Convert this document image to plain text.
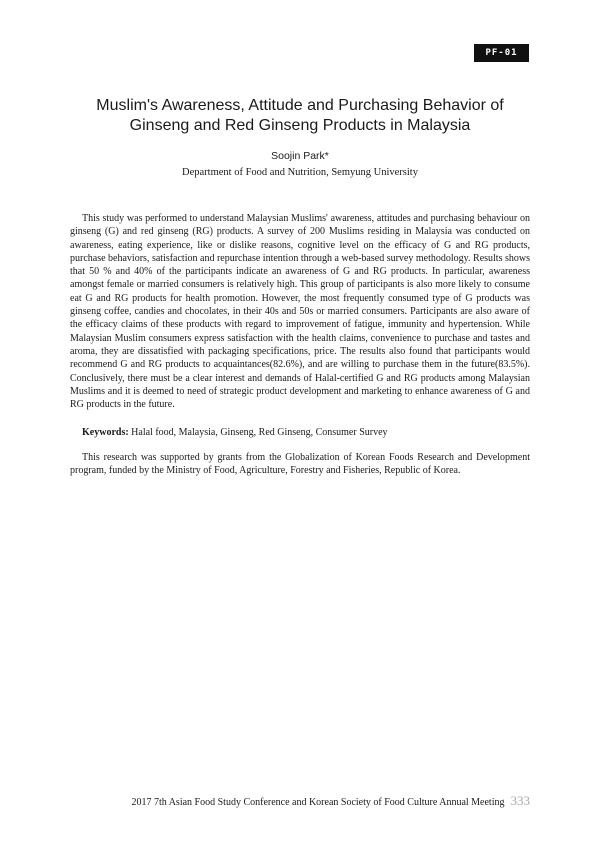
PF-01
Muslim's Awareness, Attitude and Purchasing Behavior of
Ginseng and Red Ginseng Products in Malaysia
Soojin Park*
Department of Food and Nutrition, Semyung University

This study was performed to understand Malaysian Muslims' awareness, attitudes and purchasing behaviour on ginseng (G) and red ginseng (RG) products. A survey of 200 Muslims residing in Malaysia was conducted on awareness, eating experience, like or dislike reasons, cognitive level on the efficacy of G and RG products, purchase behaviors, satisfaction and repurchase intention through a web-based survey methodology. Results shows that 50 % and 40% of the participants indicate an awareness of G and RG products. In particular, awareness amongst female or married consumers is relatively high. This group of participants is also more likely to consume eat G and RG products for health promotion. However, the most frequently consumed type of G products was ginseng coffee, candies and chocolates, in their 40s and 50s or married consumers. Participants are also aware of the efficacy claims of these products with regard to improvement of fatigue, immunity and hypertension. While Malaysian Muslim consumers express satisfaction with the health claims, convenience to purchase and tastes and aroma, they are dissatisfied with packaging specifications, price. The results also found that participants would recommend G and RG products to acquaintances(82.6%), and are willing to purchase them in the future(83.5%). Conclusively, there must be a clear interest and demands of Halal-certified G and RG products among Malaysian Muslims and it is deemed to need of strategic product development and marketing to enhance awareness of G and RG products in the future.

Keywords: Halal food, Malaysia, Ginseng, Red Ginseng, Consumer Survey

This research was supported by grants from the Globalization of Korean Foods Research and Development program, funded by the Ministry of Food, Agriculture, Forestry and Fisheries, Republic of Korea.

2017 7th Asian Food Study Conference and Korean Society of Food Culture Annual Meeting 333
